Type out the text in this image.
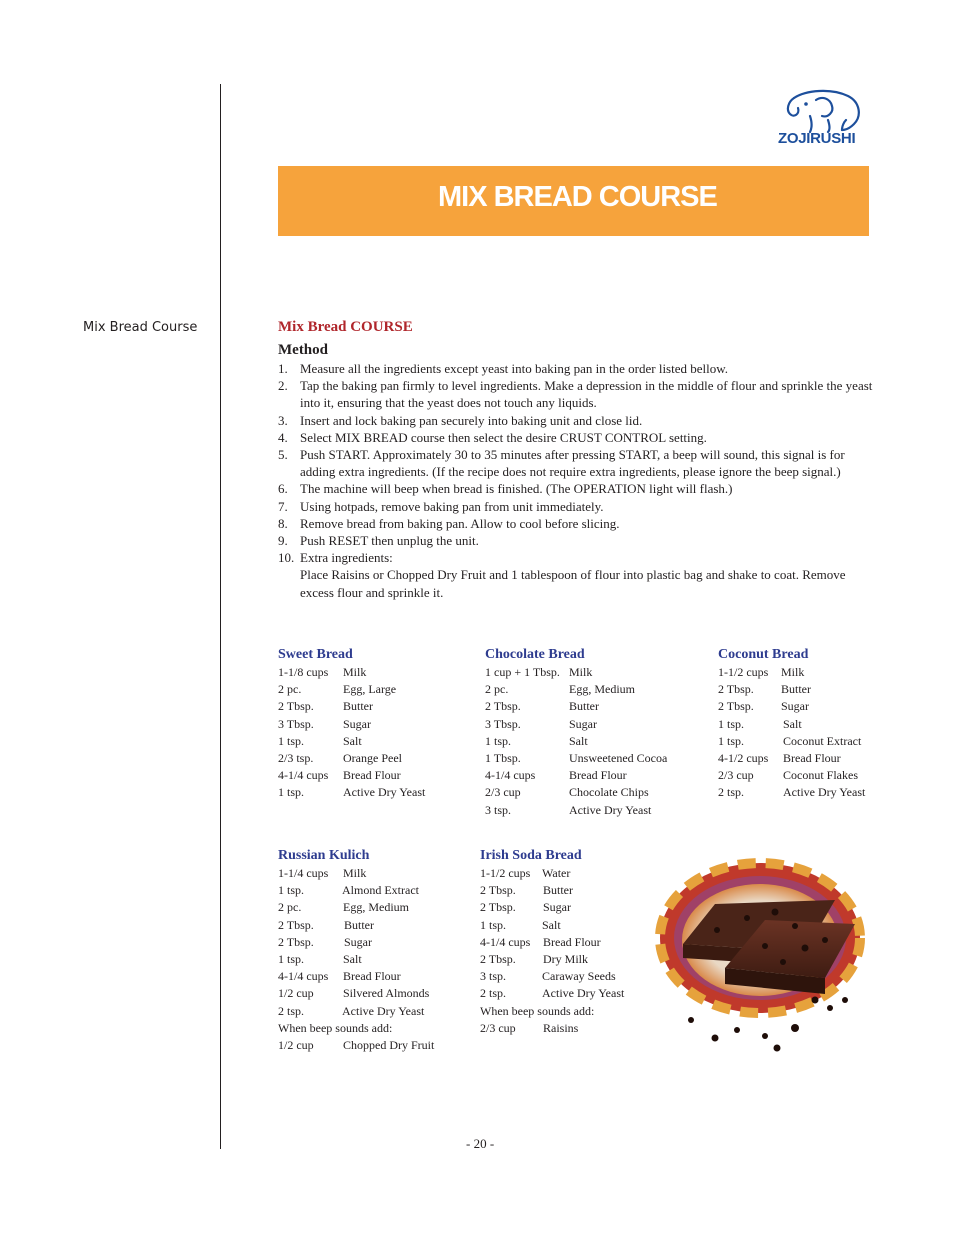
ZOJIRUSHI
MIX BREAD COURSE
Mix Bread Course	Mix Bread COURSE
Method
1. Measure all the ingredients except yeast into baking pan in the order listed bellow.
2. Tap the baking pan firmly to level ingredients. Make a depression in the middle of flour and sprinkle the yeast into it, ensuring that the yeast does not touch any liquids.
3. Insert and lock baking pan securely into baking unit and close lid.
4. Select MIX BREAD course then select the desire CRUST CONTROL setting.
5. Push START. Approximately 30 to 35 minutes after pressing START, a beep will sound, this signal is for adding extra ingredients. (If the recipe does not require extra ingredients, please ignore the beep signal.)
6. The machine will beep when bread is finished. (The OPERATION light will flash.)
7. Using hotpads, remove baking pan from unit immediately.
8. Remove bread from baking pan. Allow to cool before slicing.
9. Push RESET then unplug the unit.
10. Extra ingredients:
Place Raisins or Chopped Dry Fruit and 1 tablespoon of flour into plastic bag and shake to coat. Remove excess flour and sprinkle it.
Sweet Bread
1-1/8 cups Milk
2 pc.	Egg, Large
2 Tbsp. Butter
3 Tbsp. Sugar
1 tsp.	Salt
2/3 tsp. Orange Peel
4-1/4 cups Bread Flour
1 tsp.	Active Dry Yeast
Chocolate Bread
1 cup + 1 Tbsp. Milk
2 pc.	Egg, Medium
2 Tbsp.	Butter
3 Tbsp.	Sugar
1 tsp.	Salt
1 Tbsp.	Unsweetened Cocoa
4-1/4 cups	Bread Flour
2/3 cup	Chocolate Chips
3 tsp.	Active Dry Yeast
Coconut Bread
1-1/2 cups Milk
2 Tbsp. Butter
2 Tbsp. Sugar
1 tsp.	Salt
1 tsp.	Coconut Extract
4-1/2 cups Bread Flour
2/3 cup Coconut Flakes
2 tsp.	Active Dry Yeast
Russian Kulich
1-1/4 cups Milk
1 tsp.	Almond Extract
2 pc.	Egg, Medium
2 Tbsp.	Butter
2 Tbsp.	Sugar
1 tsp.	Salt
4-1/4 cups Bread Flour
1/2 cup Silvered Almonds
2 tsp.	Active Dry Yeast
When beep sounds add:
1/2 cup Chopped Dry Fruit
Irish Soda Bread
1-1/2 cups Water
2 Tbsp. Butter
2 Tbsp. Sugar
1 tsp.	Salt
4-1/4 cups Bread Flour
2 Tbsp. Dry Milk
3 tsp.	Caraway Seeds
2 tsp.	Active Dry Yeast
When beep sounds add:
2/3 cup Raisins
- 20 -
